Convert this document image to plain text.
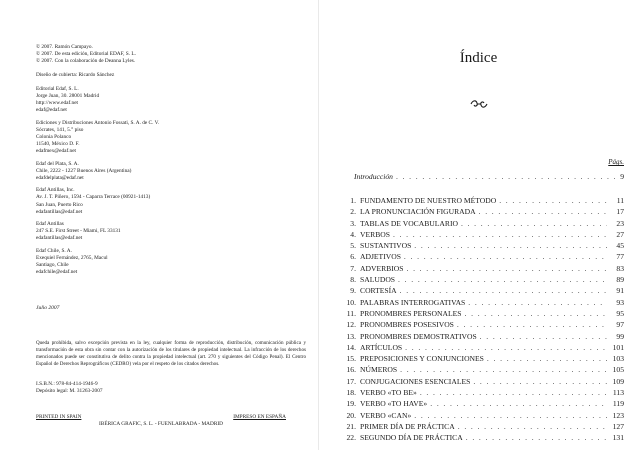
© 2007. Ramón Campayo.

© 2007. De esta edición, Editorial EDAF, S. L.

© 2007. Con la colaboración de Deanna Lyles.

Diseño de cubierta: Ricardo Sánchez

Editorial Edaf, S. L.

Jorge Juan, 30. 28001 Madrid

http://www.edaf.net

edaf@edaf.net

Ediciones y Distribuciones Antonio Fossati, S. A. de C. V.

Sócrates, 141, 5.° piso

Colonia Polanco

11540, México D. F.

edafmex@edaf.net

Edaf del Plata, S. A.

Chile, 2222 - 1227 Buenos Aires (Argentina)

edafdelplata@edaf.net

Edaf Antillas, Inc.

Av. J. T. Piñero, 1594 - Caparra Terrace (00921-1413)

San Juan, Puerto Rico

edafantillas@edaf.net

Edaf Antillas

247 S.E. First Street - Miami, FL 33131

edafantillas@edaf.net

Edaf Chile, S. A.

Exequiel Fernández, 2765, Macul

Santiago, Chile

edafchile@edaf.net

Julio 2007
Queda prohibida, salvo excepción prevista en la ley, cualquier forma de reproducción, distribución, comunicación pública y transformación de esta obra sin contar con la autorización de los titulares de propiedad intelectual. La infracción de los derechos mencionados puede ser constitutiva de delito contra la propiedad intelectual (art. 270 y siguientes del Código Penal). El Centro Español de Derechos Reprográficos (CEDRO) vela por el respeto de los citados derechos.
I.S.B.N.: 978-84-414-1946-9
Depósito legal: M. 31263-2007
PRINTED IN SPAIN	IMPRESO EN ESPAÑA
IBÉRICA GRAFIC, S. L. - FUENLABRADA - MADRID
Índice
Págs.
Introducción . . .	9
1. FUNDAMENTO DE NUESTRO MÉTODO . . .	11
2. LA PRONUNCIACIÓN FIGURADA . . .	17
3. TABLAS DE VOCABULARIO . . .	23
4. VERBOS . . .	27
5. SUSTANTIVOS . . .	45
6. ADJETIVOS . . .	77
7. ADVERBIOS . . .	83
8. SALUDOS . . .	89
9. CORTESÍA . . .	91
10. PALABRAS INTERROGATIVAS . . .	93
11. PRONOMBRES PERSONALES . . .	95
12. PRONOMBRES POSESIVOS . . .	97
13. PRONOMBRES DEMOSTRATIVOS . . .	99
14. ARTÍCULOS . . .	101
15. PREPOSICIONES Y CONJUNCIONES . . .	103
16. NÚMEROS . . .	105
17. CONJUGACIONES ESENCIALES . . .	109
18. VERBO «TO BE» . . .	113
19. VERBO «TO HAVE» . . .	119
20. VERBO «CAN» . . .	123
21. PRIMER DÍA DE PRÁCTICA . . .	127
22. SEGUNDO DÍA DE PRÁCTICA . . .	131
